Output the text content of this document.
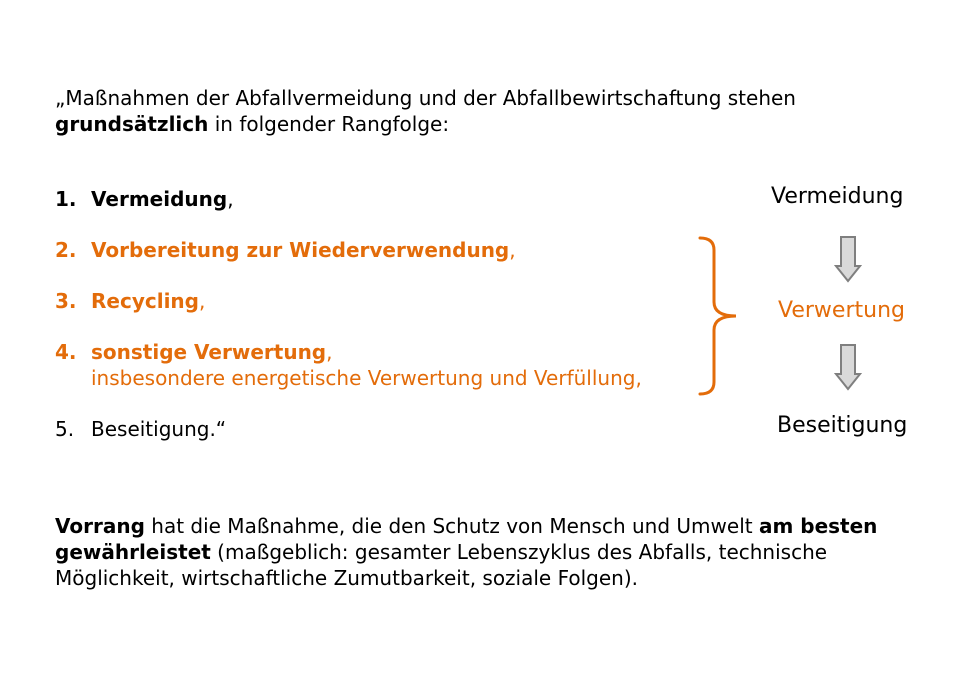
„Maßnahmen der Abfallvermeidung und der Abfallbewirtschaftung stehen
grundsätzlich in folgender Rangfolge:
1. Vermeidung,
2. Vorbereitung zur Wiederverwendung,
3. Recycling,
4. sonstige Verwertung,
insbesondere energetische Verwertung und Verfüllung,
5. Beseitigung.“
Vermeidung
Verwertung
Beseitigung
Vorrang hat die Maßnahme, die den Schutz von Mensch und Umwelt am besten gewährleistet (maßgeblich: gesamter Lebenszyklus des Abfalls, technische Möglichkeit, wirtschaftliche Zumutbarkeit, soziale Folgen).
